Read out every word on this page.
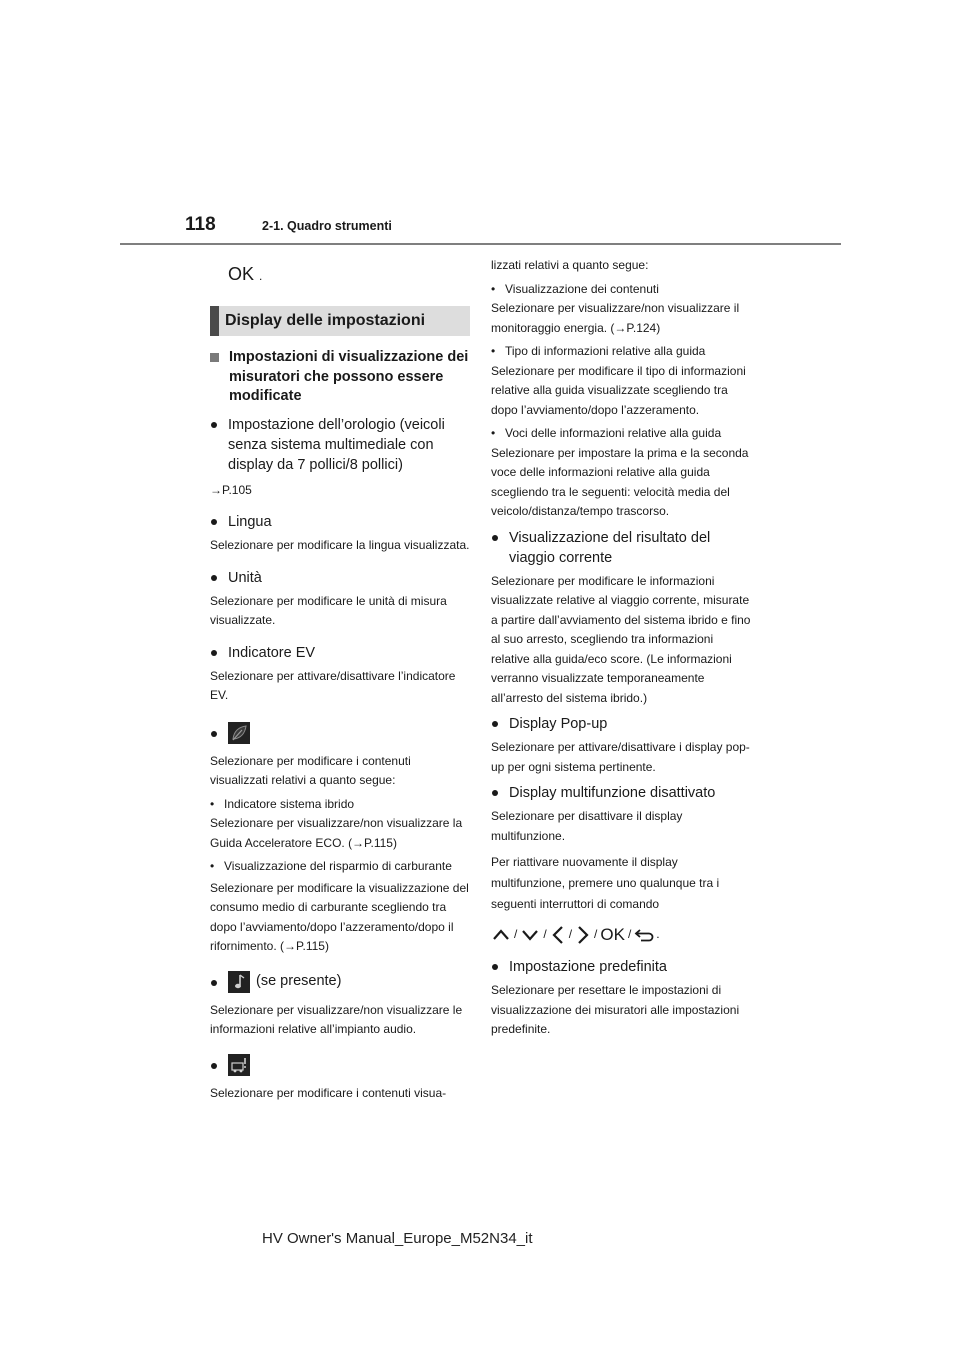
118	2-1. Quadro strumenti
OK .
Display delle impostazioni
Impostazioni di visualizzazione dei misuratori che possono essere modificate
Impostazione dell’orologio (veicoli senza sistema multimediale con display da 7 pollici/8 pollici)
→P.105
Lingua
Selezionare per modificare la lingua visualizzata.
Unità
Selezionare per modificare le unità di misura visualizzate.
Indicatore EV
Selezionare per attivare/disattivare l’indicatore EV.
Selezionare per modificare i contenuti visualizzati relativi a quanto segue:
• Indicatore sistema ibrido
Selezionare per visualizzare/non visualizzare la Guida Acceleratore ECO. (→P.115)
• Visualizzazione del risparmio di carburante
Selezionare per modificare la visualizzazione del consumo medio di carburante scegliendo tra dopo l’avviamento/dopo l’azzeramento/dopo il rifornimento. (→P.115)
(se presente)
Selezionare per visualizzare/non visualizzare le informazioni relative all’impianto audio.
Selezionare per modificare i contenuti visua-
lizzati relativi a quanto segue:
• Visualizzazione dei contenuti
Selezionare per visualizzare/non visualizzare il monitoraggio energia. (→P.124)
• Tipo di informazioni relative alla guida
Selezionare per modificare il tipo di informazioni relative alla guida visualizzate scegliendo tra dopo l’avviamento/dopo l’azzeramento.
• Voci delle informazioni relative alla guida
Selezionare per impostare la prima e la seconda voce delle informazioni relative alla guida scegliendo tra le seguenti: velocità media del veicolo/distanza/tempo trascorso.
Visualizzazione del risultato del viaggio corrente
Selezionare per modificare le informazioni visualizzate relative al viaggio corrente, misurate a partire dall’avviamento del sistema ibrido e fino al suo arresto, scegliendo tra informazioni relative alla guida/eco score. (Le informazioni verranno visualizzate temporaneamente all’arresto del sistema ibrido.)
Display Pop-up
Selezionare per attivare/disattivare i display pop-up per ogni sistema pertinente.
Display multifunzione disattivato
Selezionare per disattivare il display multifunzione.
Per riattivare nuovamente il display multifunzione, premere uno qualunque tra i seguenti interruttori di comando
/ / / / OK / .
Impostazione predefinita
Selezionare per resettare le impostazioni di visualizzazione dei misuratori alle impostazioni predefinite.
HV Owner's Manual_Europe_M52N34_it
